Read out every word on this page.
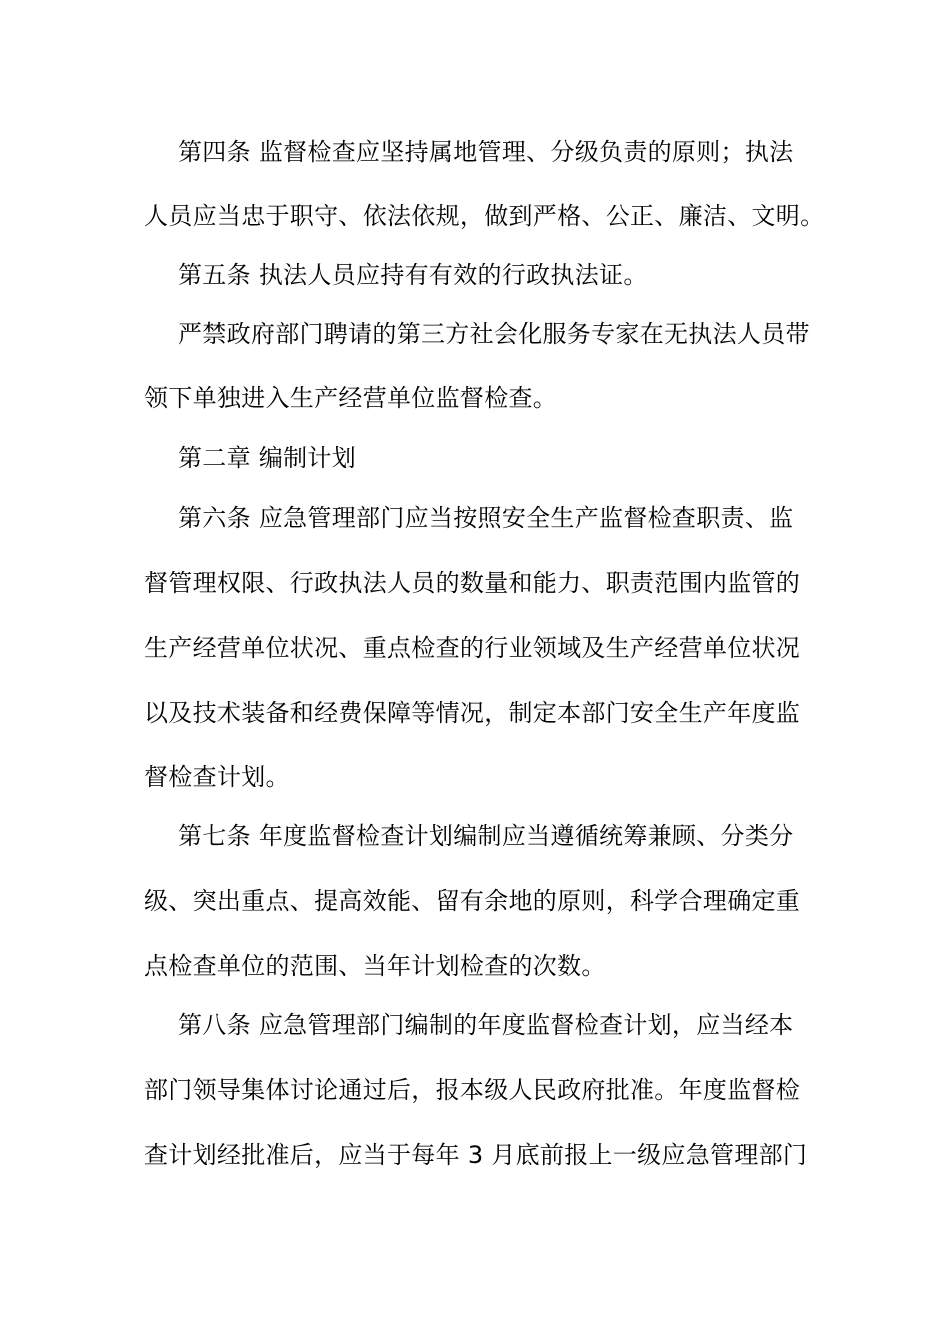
第四条 监督检查应坚持属地管理、分级负责的原则；执法
人员应当忠于职守、依法依规，做到严格、公正、廉洁、文明。
第五条 执法人员应持有有效的行政执法证。
严禁政府部门聘请的第三方社会化服务专家在无执法人员带
领下单独进入生产经营单位监督检查。
第二章 编制计划
第六条 应急管理部门应当按照安全生产监督检查职责、监
督管理权限、行政执法人员的数量和能力、职责范围内监管的
生产经营单位状况、重点检查的行业领域及生产经营单位状况
以及技术装备和经费保障等情况，制定本部门安全生产年度监
督检查计划。
第七条 年度监督检查计划编制应当遵循统筹兼顾、分类分
级、突出重点、提高效能、留有余地的原则，科学合理确定重
点检查单位的范围、当年计划检查的次数。
第八条 应急管理部门编制的年度监督检查计划，应当经本
部门领导集体讨论通过后，报本级人民政府批准。年度监督检
查计划经批准后，应当于每年 3 月底前报上一级应急管理部门
